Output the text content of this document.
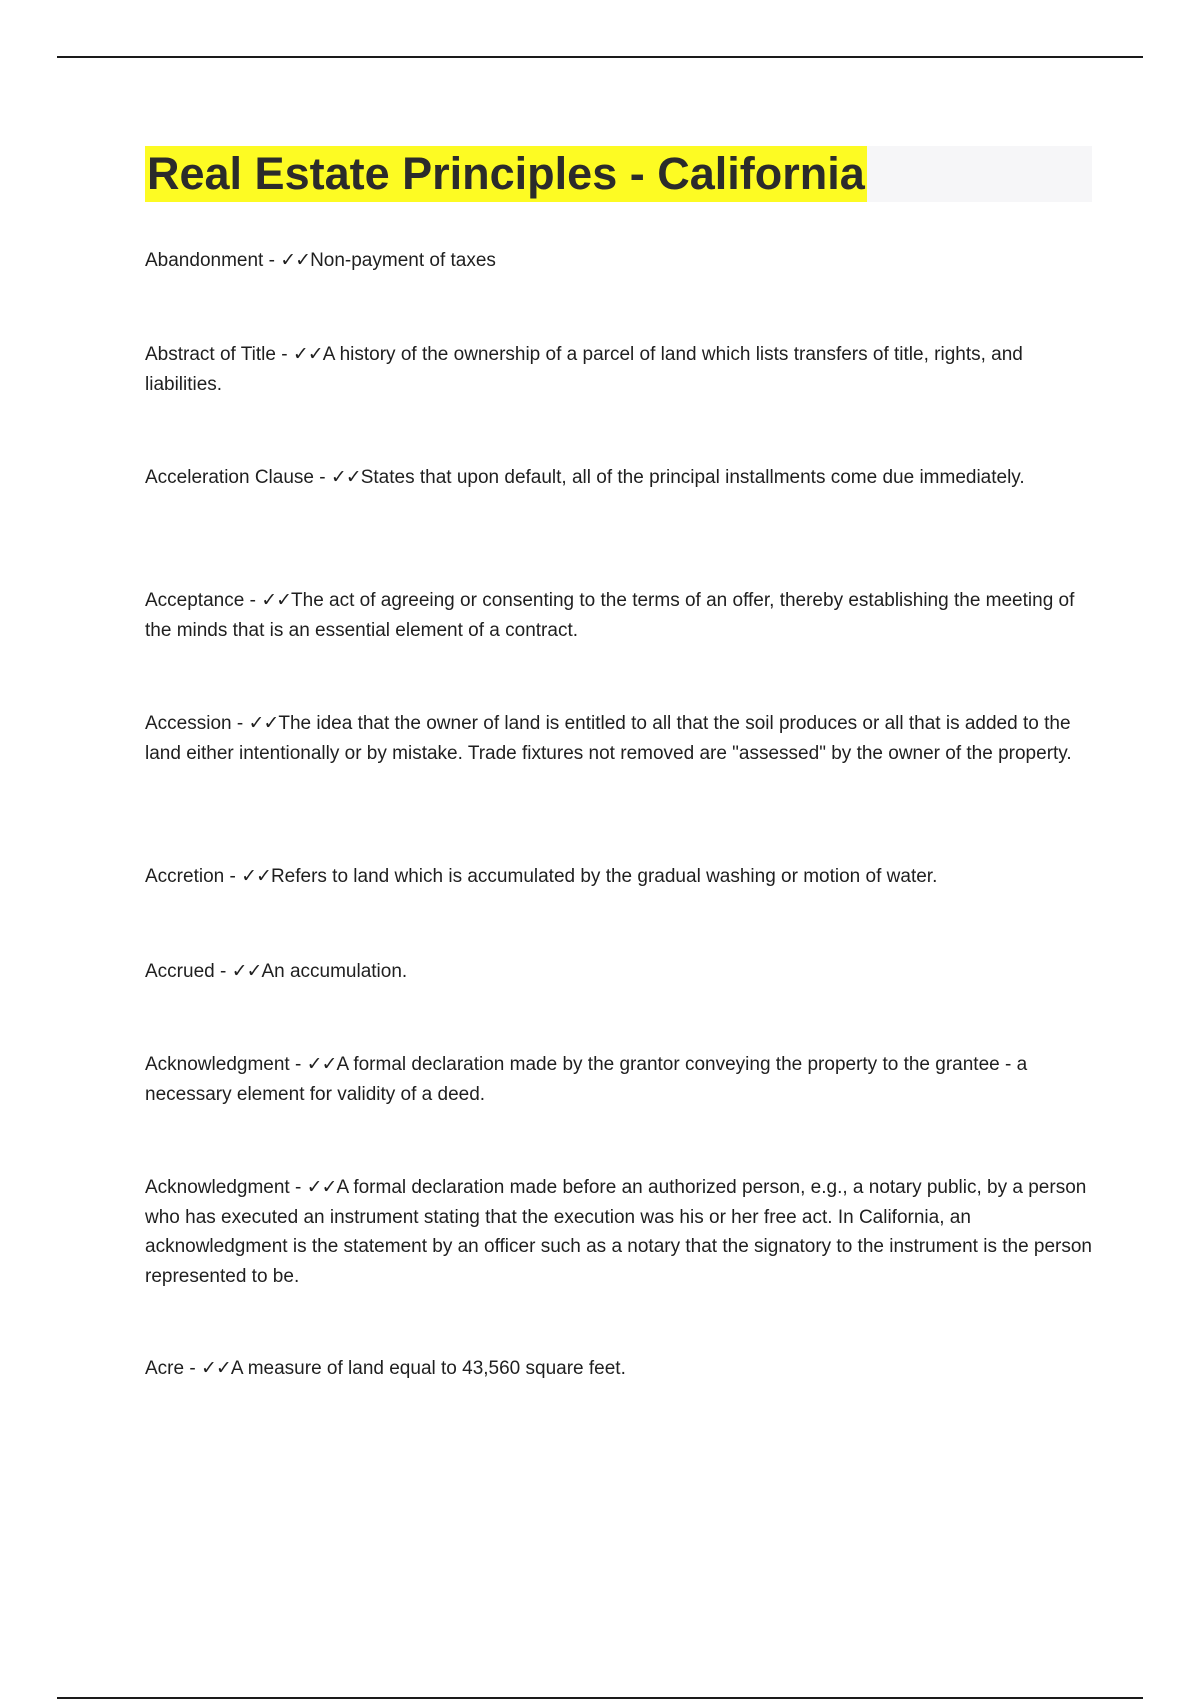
Real Estate Principles - California

Abandonment - ✓✓Non-payment of taxes

Abstract of Title - ✓✓A history of the ownership of a parcel of land which lists transfers of title, rights, and liabilities.

Acceleration Clause - ✓✓States that upon default, all of the principal installments come due immediately.

Acceptance - ✓✓The act of agreeing or consenting to the terms of an offer, thereby establishing the meeting of the minds that is an essential element of a contract.

Accession - ✓✓The idea that the owner of land is entitled to all that the soil produces or all that is added to the land either intentionally or by mistake. Trade fixtures not removed are "assessed" by the owner of the property.

Accretion - ✓✓Refers to land which is accumulated by the gradual washing or motion of water.

Accrued - ✓✓An accumulation.

Acknowledgment - ✓✓A formal declaration made by the grantor conveying the property to the grantee - a necessary element for validity of a deed.

Acknowledgment - ✓✓A formal declaration made before an authorized person, e.g., a notary public, by a person who has executed an instrument stating that the execution was his or her free act. In California, an acknowledgment is the statement by an officer such as a notary that the signatory to the instrument is the person represented to be.

Acre - ✓✓A measure of land equal to 43,560 square feet.
